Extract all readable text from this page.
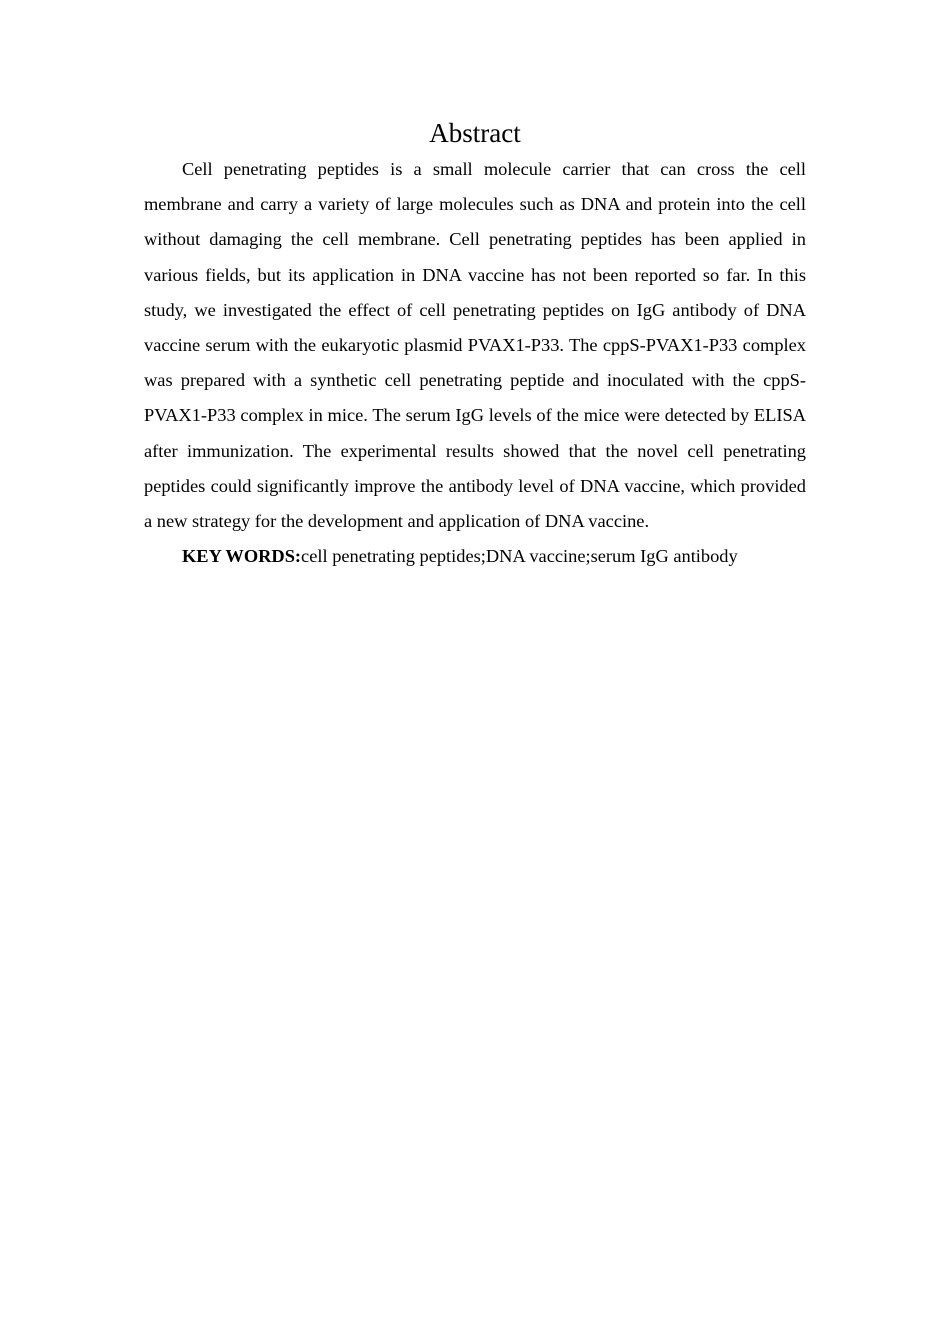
Abstract

Cell penetrating peptides is a small molecule carrier that can cross the cell membrane and carry a variety of large molecules such as DNA and protein into the cell without damaging the cell membrane. Cell penetrating peptides has been applied in various fields, but its application in DNA vaccine has not been reported so far. In this study, we investigated the effect of cell penetrating peptides on IgG antibody of DNA vaccine serum with the eukaryotic plasmid PVAX1-P33. The cppS-PVAX1-P33 complex was prepared with a synthetic cell penetrating peptide and inoculated with the cppS-PVAX1-P33 complex in mice. The serum IgG levels of the mice were detected by ELISA after immunization. The experimental results showed that the novel cell penetrating peptides could significantly improve the antibody level of DNA vaccine, which provided a new strategy for the development and application of DNA vaccine.

KEY WORDS:cell penetrating peptides;DNA vaccine;serum IgG antibody
